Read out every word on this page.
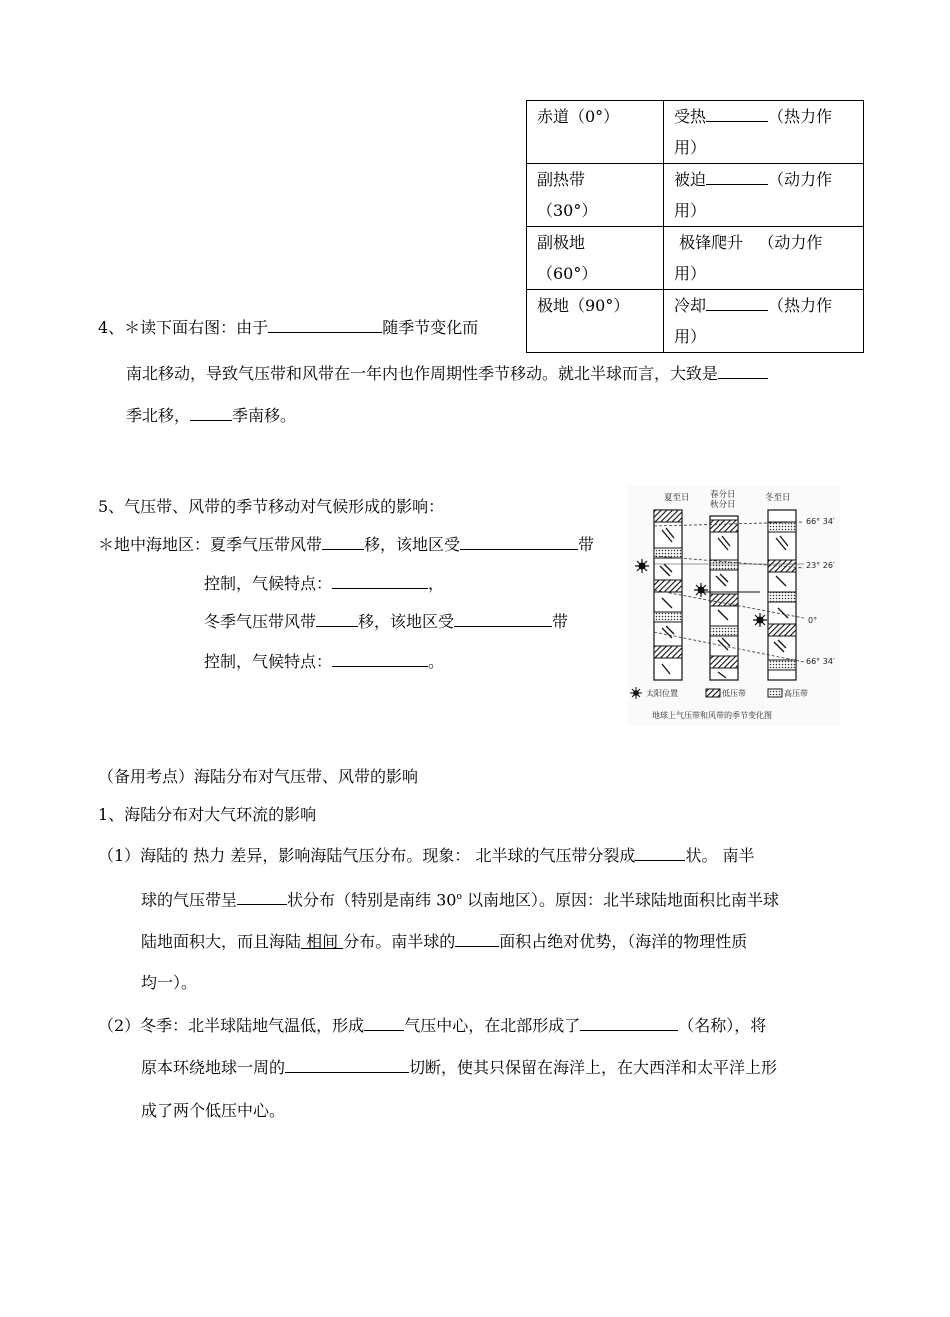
赤道（0°）	受热 （热力作
用）
副热带
（30°）	被迫 （动力作
用）
副极地
（60°）	极锋爬升 （动力作
用）
极地（90°）	冷却 （热力作
用）
4、＊读下面右图：由于	随季节变化而
南北移动，导致气压带和风带在一年内也作周期性季节移动。就北半球而言，大致是
季北移，	季南移。
5、气压带、风带的季节移动对气候形成的影响：
＊地中海地区：夏季气压带风带	移，该地区受	带
控制，气候特点：	，
冬季气压带风带	移，该地区受	带
控制，气候特点：	。
夏至日 春分日
秋分日
冬至日
66° 34′
23° 26′
0°
66° 34′
太阳位置	低压带	高压带
地球上气压带和风带的季节变化图
（备用考点）海陆分布对气压带、风带的影响
1、海陆分布对大气环流的影响
（1）海陆的 热力 差异，影响海陆气压分布。现象： 北半球的气压带分裂成	状。 南半
球的气压带呈	状分布（特别是南纬 30$^o$ 以南地区）。原因：北半球陆地面积比南半球
陆地面积大，而且海陆 相间 分布。南半球的	面积占绝对优势，（海洋的物理性质
均一）。
（2）冬季：北半球陆地气温低，形成	气压中心，在北部形成了	（名称），将
原本环绕地球一周的	切断，使其只保留在海洋上，在大西洋和太平洋上形
成了两个低压中心。
